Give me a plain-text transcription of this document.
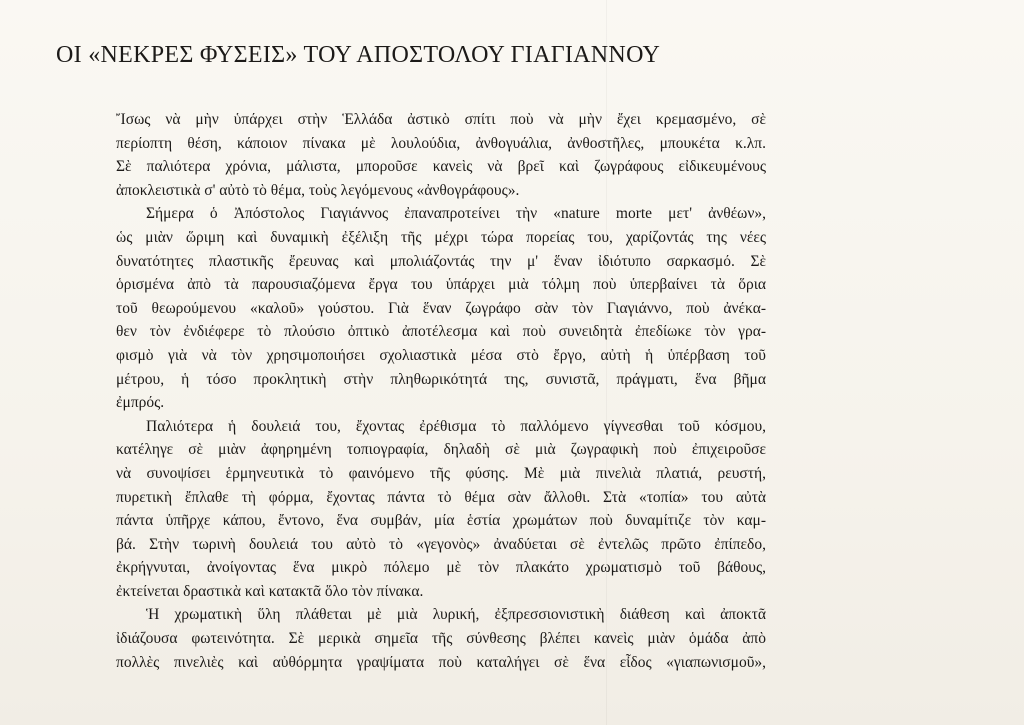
ΟΙ «ΝΕΚΡΕΣ ΦΥΣΕΙΣ» ΤΟΥ ΑΠΟΣΤΟΛΟΥ ΓΙΑΓΙΑΝΝΟΥ
Ἴσως νὰ μὴν ὑπάρχει στὴν Ἑλλάδα ἀστικὸ σπίτι ποὺ νὰ μὴν ἔχει κρεμασμένο, σὲ
περίοπτη θέση, κάποιον πίνακα μὲ λουλούδια, ἀνθογυάλια, ἀνθοστῆλες, μπουκέτα κ.λπ.
Σὲ παλιότερα χρόνια, μάλιστα, μποροῦσε κανεὶς νὰ βρεῖ καὶ ζωγράφους εἰδικευμένους
ἀποκλειστικὰ σ' αὐτὸ τὸ θέμα, τοὺς λεγόμενους «ἀνθογράφους».
Σήμερα ὁ Ἀπόστολος Γιαγιάννος ἐπαναπροτείνει τὴν «nature morte μετ' ἀνθέων»,
ὡς μιὰν ὥριμη καὶ δυναμικὴ ἐξέλιξη τῆς μέχρι τώρα πορείας του, χαρίζοντάς της νέες
δυνατότητες πλαστικῆς ἔρευνας καὶ μπολιάζοντάς την μ' ἕναν ἰδιότυπο σαρκασμό. Σὲ
ὁρισμένα ἀπὸ τὰ παρουσιαζόμενα ἔργα του ὑπάρχει μιὰ τόλμη ποὺ ὑπερβαίνει τὰ ὅρια
τοῦ θεωρούμενου «καλοῦ» γούστου. Γιὰ ἕναν ζωγράφο σὰν τὸν Γιαγιάννο, ποὺ ἀνέκα-
θεν τὸν ἐνδιέφερε τὸ πλούσιο ὀπτικὸ ἀποτέλεσμα καὶ ποὺ συνειδητὰ ἐπεδίωκε τὸν γρα-
φισμὸ γιὰ νὰ τὸν χρησιμοποιήσει σχολιαστικὰ μέσα στὸ ἔργο, αὐτὴ ἡ ὑπέρβαση τοῦ
μέτρου, ἡ τόσο προκλητικὴ στὴν πληθωρικότητά της, συνιστᾶ, πράγματι, ἕνα βῆμα
ἐμπρός.
Παλιότερα ἡ δουλειά του, ἔχοντας ἐρέθισμα τὸ παλλόμενο γίγνεσθαι τοῦ κόσμου,
κατέληγε σὲ μιὰν ἀφηρημένη τοπιογραφία, δηλαδὴ σὲ μιὰ ζωγραφικὴ ποὺ ἐπιχειροῦσε
νὰ συνοψίσει ἑρμηνευτικὰ τὸ φαινόμενο τῆς φύσης. Μὲ μιὰ πινελιὰ πλατιά, ρευστή,
πυρετικὴ ἔπλαθε τὴ φόρμα, ἔχοντας πάντα τὸ θέμα σὰν ἄλλοθι. Στὰ «τοπία» του αὐτὰ
πάντα ὑπῆρχε κάπου, ἔντονο, ἕνα συμβάν, μία ἑστία χρωμάτων ποὺ δυναμίτιζε τὸν καμ-
βά. Στὴν τωρινὴ δουλειά του αὐτὸ τὸ «γεγονὸς» ἀναδύεται σὲ ἐντελῶς πρῶτο ἐπίπεδο,
ἐκρήγνυται, ἀνοίγοντας ἕνα μικρὸ πόλεμο μὲ τὸν πλακάτο χρωματισμὸ τοῦ βάθους,
ἐκτείνεται δραστικὰ καὶ κατακτᾶ ὅλο τὸν πίνακα.
Ἡ χρωματικὴ ὕλη πλάθεται μὲ μιὰ λυρική, ἐξπρεσσιονιστικὴ διάθεση καὶ ἀποκτᾶ
ἰδιάζουσα φωτεινότητα. Σὲ μερικὰ σημεῖα τῆς σύνθεσης βλέπει κανεὶς μιὰν ὁμάδα ἀπὸ
πολλὲς πινελιὲς καὶ αὐθόρμητα γραψίματα ποὺ καταλήγει σὲ ἕνα εἶδος «γιαπωνισμοῦ»,
